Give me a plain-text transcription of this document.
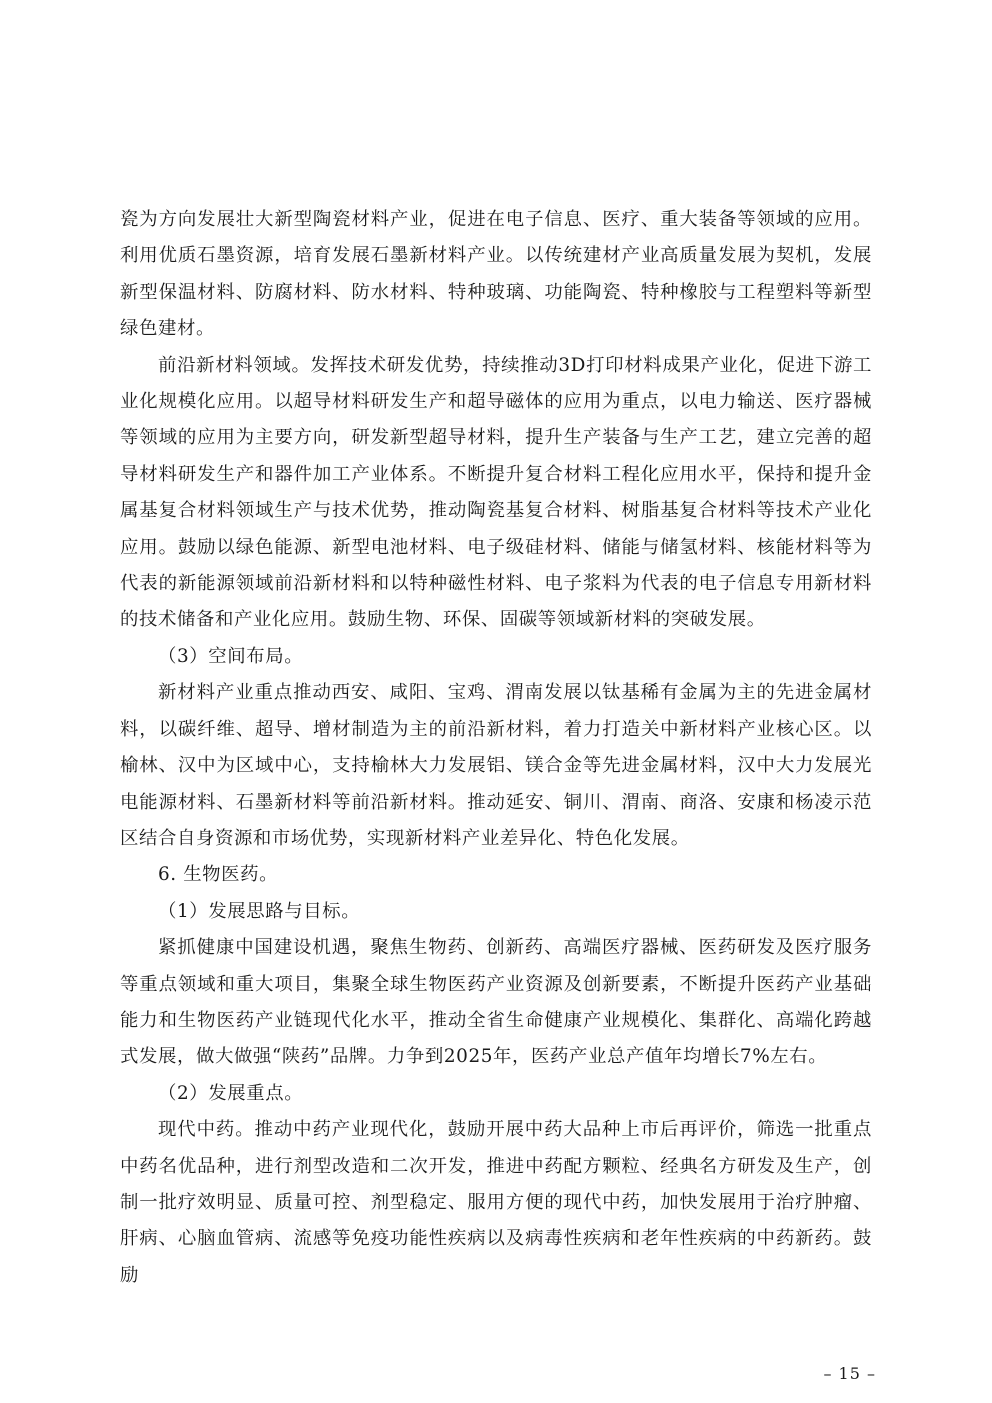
瓷为方向发展壮大新型陶瓷材料产业，促进在电子信息、医疗、重大装备等领域的应用。利用优质石墨资源，培育发展石墨新材料产业。以传统建材产业高质量发展为契机，发展新型保温材料、防腐材料、防水材料、特种玻璃、功能陶瓷、特种橡胶与工程塑料等新型绿色建材。

前沿新材料领域。发挥技术研发优势，持续推动3D打印材料成果产业化，促进下游工业化规模化应用。以超导材料研发生产和超导磁体的应用为重点，以电力输送、医疗器械等领域的应用为主要方向，研发新型超导材料，提升生产装备与生产工艺，建立完善的超导材料研发生产和器件加工产业体系。不断提升复合材料工程化应用水平，保持和提升金属基复合材料领域生产与技术优势，推动陶瓷基复合材料、树脂基复合材料等技术产业化应用。鼓励以绿色能源、新型电池材料、电子级硅材料、储能与储氢材料、核能材料等为代表的新能源领域前沿新材料和以特种磁性材料、电子浆料为代表的电子信息专用新材料的技术储备和产业化应用。鼓励生物、环保、固碳等领域新材料的突破发展。

（3）空间布局。

新材料产业重点推动西安、咸阳、宝鸡、渭南发展以钛基稀有金属为主的先进金属材料，以碳纤维、超导、增材制造为主的前沿新材料，着力打造关中新材料产业核心区。以榆林、汉中为区域中心，支持榆林大力发展铝、镁合金等先进金属材料，汉中大力发展光电能源材料、石墨新材料等前沿新材料。推动延安、铜川、渭南、商洛、安康和杨凌示范区结合自身资源和市场优势，实现新材料产业差异化、特色化发展。

6. 生物医药。

（1）发展思路与目标。

紧抓健康中国建设机遇，聚焦生物药、创新药、高端医疗器械、医药研发及医疗服务等重点领域和重大项目，集聚全球生物医药产业资源及创新要素，不断提升医药产业基础能力和生物医药产业链现代化水平，推动全省生命健康产业规模化、集群化、高端化跨越式发展，做大做强“陕药”品牌。力争到2025年，医药产业总产值年均增长7%左右。

（2）发展重点。

现代中药。推动中药产业现代化，鼓励开展中药大品种上市后再评价，筛选一批重点中药名优品种，进行剂型改造和二次开发，推进中药配方颗粒、经典名方研发及生产，创制一批疗效明显、质量可控、剂型稳定、服用方便的现代中药，加快发展用于治疗肿瘤、肝病、心脑血管病、流感等免疫功能性疾病以及病毒性疾病和老年性疾病的中药新药。鼓励

– 15 –
